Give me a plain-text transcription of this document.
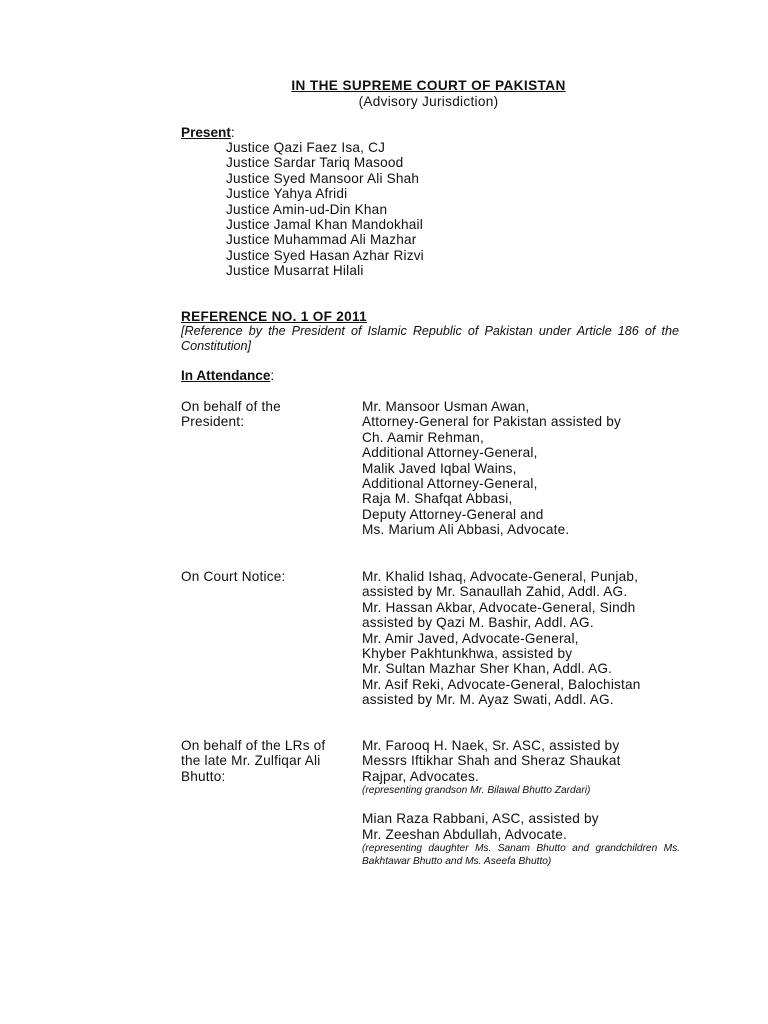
IN THE SUPREME COURT OF PAKISTAN
(Advisory Jurisdiction)
Present:
Justice Qazi Faez Isa, CJ
Justice Sardar Tariq Masood
Justice Syed Mansoor Ali Shah
Justice Yahya Afridi
Justice Amin-ud-Din Khan
Justice Jamal Khan Mandokhail
Justice Muhammad Ali Mazhar
Justice Syed Hasan Azhar Rizvi
Justice Musarrat Hilali
REFERENCE NO. 1 OF 2011
[Reference by the President of Islamic Republic of Pakistan under Article 186 of the Constitution]
In Attendance:
On behalf of the
President:
Mr. Mansoor Usman Awan,
Attorney-General for Pakistan assisted by
Ch. Aamir Rehman,
Additional Attorney-General,
Malik Javed Iqbal Wains,
Additional Attorney-General,
Raja M. Shafqat Abbasi,
Deputy Attorney-General and
Ms. Marium Ali Abbasi, Advocate.
On Court Notice:	Mr. Khalid Ishaq, Advocate-General, Punjab,
assisted by Mr. Sanaullah Zahid, Addl. AG.
Mr. Hassan Akbar, Advocate-General, Sindh
assisted by Qazi M. Bashir, Addl. AG.
Mr. Amir Javed, Advocate-General,
Khyber Pakhtunkhwa, assisted by
Mr. Sultan Mazhar Sher Khan, Addl. AG.
Mr. Asif Reki, Advocate-General, Balochistan
assisted by Mr. M. Ayaz Swati, Addl. AG.
On behalf of the LRs of
the late Mr. Zulfiqar Ali
Bhutto:
Mr. Farooq H. Naek, Sr. ASC, assisted by
Messrs Iftikhar Shah and Sheraz Shaukat
Rajpar, Advocates.
(representing grandson Mr. Bilawal Bhutto Zardari)
Mian Raza Rabbani, ASC, assisted by
Mr. Zeeshan Abdullah, Advocate.
(representing daughter Ms. Sanam Bhutto and grandchildren Ms. Bakhtawar Bhutto and Ms. Aseefa Bhutto)
